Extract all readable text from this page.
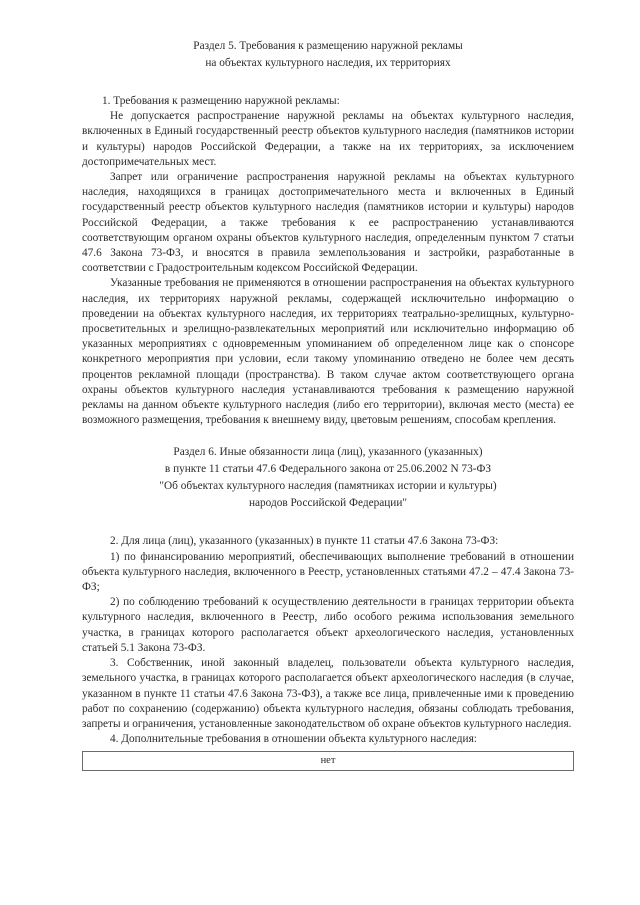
Раздел 5. Требования к размещению наружной рекламы
на объектах культурного наследия, их территориях

1. Требования к размещению наружной рекламы:

Не допускается распространение наружной рекламы на объектах культурного наследия, включенных в Единый государственный реестр объектов культурного наследия (памятников истории и культуры) народов Российской Федерации, а также на их территориях, за исключением достопримечательных мест.

Запрет или ограничение распространения наружной рекламы на объектах культурного наследия, находящихся в границах достопримечательного места и включенных в Единый государственный реестр объектов культурного наследия (памятников истории и культуры) народов Российской Федерации, а также требования к ее распространению устанавливаются соответствующим органом охраны объектов культурного наследия, определенным пунктом 7 статьи 47.6 Закона 73-ФЗ, и вносятся в правила землепользования и застройки, разработанные в соответствии с Градостроительным кодексом Российской Федерации.

Указанные требования не применяются в отношении распространения на объектах культурного наследия, их территориях наружной рекламы, содержащей исключительно информацию о проведении на объектах культурного наследия, их территориях театрально-зрелищных, культурно-просветительных и зрелищно-развлекательных мероприятий или исключительно информацию об указанных мероприятиях с одновременным упоминанием об определенном лице как о спонсоре конкретного мероприятия при условии, если такому упоминанию отведено не более чем десять процентов рекламной площади (пространства). В таком случае актом соответствующего органа охраны объектов культурного наследия устанавливаются требования к размещению наружной рекламы на данном объекте культурного наследия (либо его территории), включая место (места) ее возможного размещения, требования к внешнему виду, цветовым решениям, способам крепления.

Раздел 6. Иные обязанности лица (лиц), указанного (указанных)
в пункте 11 статьи 47.6 Федерального закона от 25.06.2002 N 73-ФЗ
"Об объектах культурного наследия (памятниках истории и культуры)
народов Российской Федерации"

2. Для лица (лиц), указанного (указанных) в пункте 11 статьи 47.6 Закона 73-ФЗ:

1) по финансированию мероприятий, обеспечивающих выполнение требований в отношении объекта культурного наследия, включенного в Реестр, установленных статьями 47.2 – 47.4 Закона 73-ФЗ;

2) по соблюдению требований к осуществлению деятельности в границах территории объекта культурного наследия, включенного в Реестр, либо особого режима использования земельного участка, в границах которого располагается объект археологического наследия, установленных статьей 5.1 Закона 73-ФЗ.

3. Собственник, иной законный владелец, пользователи объекта культурного наследия, земельного участка, в границах которого располагается объект археологического наследия (в случае, указанном в пункте 11 статьи 47.6 Закона 73-ФЗ), а также все лица, привлеченные ими к проведению работ по сохранению (содержанию) объекта культурного наследия, обязаны соблюдать требования, запреты и ограничения, установленные законодательством об охране объектов культурного наследия.

4. Дополнительные требования в отношении объекта культурного наследия:

нет
